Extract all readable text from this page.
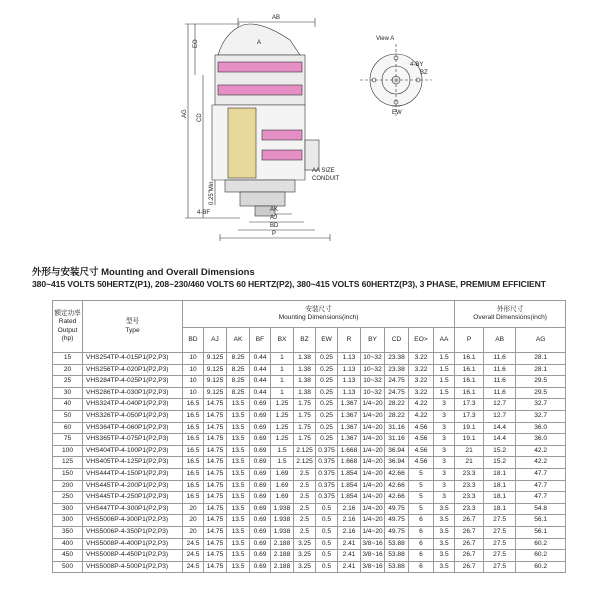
AB
A
EO
AG CD
0.25"Min
4-BF	AK
AJ
BD
P
AA SIZE
CONDUIT
View A
4-BY
BZ
EW
外形与安装尺寸 Mounting and Overall Dimensions
380~415 VOLTS 50HERTZ(P1), 208~230/460 VOLTS 60 HERTZ(P2), 380~415 VOLTS 60HERTZ(P3), 3 PHASE, PREMIUM EFFICIENT
额定功率
Rated
Output
(hp)	型号
Type	安装尺寸
Mounting Dimensions(inch)												外形尺寸
Overall Dimensions(inch)		

		BD	AJ	AK	BF	BX	BZ	EW	R	BY	CD	EO>	AA	P	AB	AG
15	VHS254TP-4-015P1(P2,P3)	10	9.125	8.25	0.44	1	1.38	0.25	1.13	10~32	23.38	3.22	1.5	16.1	11.6	28.1
20	VHS256TP-4-020P1(P2,P3)	10	9.125	8.25	0.44	1	1.38	0.25	1.13	10~32	23.38	3.22	1.5	16.1	11.6	28.1
25	VHS284TP-4-025P1(P2,P3)	10	9.125	8.25	0.44	1	1.38	0.25	1.13	10~32	24.75	3.22	1.5	16.1	11.6	29.5
30	VHS286TP-4-030P1(P2,P3)	10	9.125	8.25	0.44	1	1.38	0.25	1.13	10~32	24.75	3.22	1.5	16.1	11.6	29.5
40	VHS324TP-4-040P1(P2,P3)	16.5	14.75	13.5	0.69	1.25	1.75	0.25	1.367	1/4~20	28.22	4.22	3	17.3	12.7	32.7
50	VHS326TP-4-050P1(P2,P3)	16.5	14.75	13.5	0.69	1.25	1.75	0.25	1.367	1/4~20	28.22	4.22	3	17.3	12.7	32.7
60	VHS364TP-4-060P1(P2,P3)	16.5	14.75	13.5	0.69	1.25	1.75	0.25	1.367	1/4~20	31.16	4.56	3	19.1	14.4	36.0
75	VHS365TP-4-075P1(P2,P3)	16.5	14.75	13.5	0.69	1.25	1.75	0.25	1.367	1/4~20	31.16	4.56	3	19.1	14.4	36.0
100	VHS404TP-4-100P1(P2,P3)	16.5	14.75	13.5	0.69	1.5	2.125	0.375	1.668	1/4~20	36.94	4.56	3	21	15.2	42.2
125	VHS405TP-4-125P1(P2,P3)	16.5	14.75	13.5	0.69	1.5	2.125	0.375	1.668	1/4~20	36.94	4.56	3	21	15.2	42.2
150	VHS444TP-4-150P1(P2,P3)	16.5	14.75	13.5	0.69	1.69	2.5	0.375	1.854	1/4~20	42.66	5	3	23.3	18.1	47.7
200	VHS445TP-4-200P1(P2,P3)	16.5	14.75	13.5	0.69	1.69	2.5	0.375	1.854	1/4~20	42.66	5	3	23.3	18.1	47.7
250	VHS445TP-4-250P1(P2,P3)	16.5	14.75	13.5	0.69	1.69	2.5	0.375	1.854	1/4~20	42.66	5	3	23.3	18.1	47.7
300	VHS447TP-4-300P1(P2,P3)	20	14.75	13.5	0.69	1.938	2.5	0.5	2.16	1/4~20	49.75	5	3.5	23.3	18.1	54.8
300	VHS5006P-4-300P1(P2,P3)	20	14.75	13.5	0.69	1.938	2.5	0.5	2.16	1/4~20	49.75	6	3.5	26.7	27.5	56.1
350	VHS5006P-4-350P1(P2,P3)	20	14.75	13.5	0.69	1.938	2.5	0.5	2.16	1/4~20	49.75	6	3.5	26.7	27.5	56.1
400	VHS5008P-4-400P1(P2,P3)	24.5	14.75	13.5	0.69	2.188	3.25	0.5	2.41	3/8~16	53.88	6	3.5	26.7	27.5	60.2
450	VHS5008P-4-450P1(P2,P3)	24.5	14.75	13.5	0.69	2.188	3.25	0.5	2.41	3/8~16	53.88	6	3.5	26.7	27.5	60.2
500	VHS5008P-4-500P1(P2,P3)	24.5	14.75	13.5	0.69	2.188	3.25	0.5	2.41	3/8~16	53.88	6	3.5	26.7	27.5	60.2
